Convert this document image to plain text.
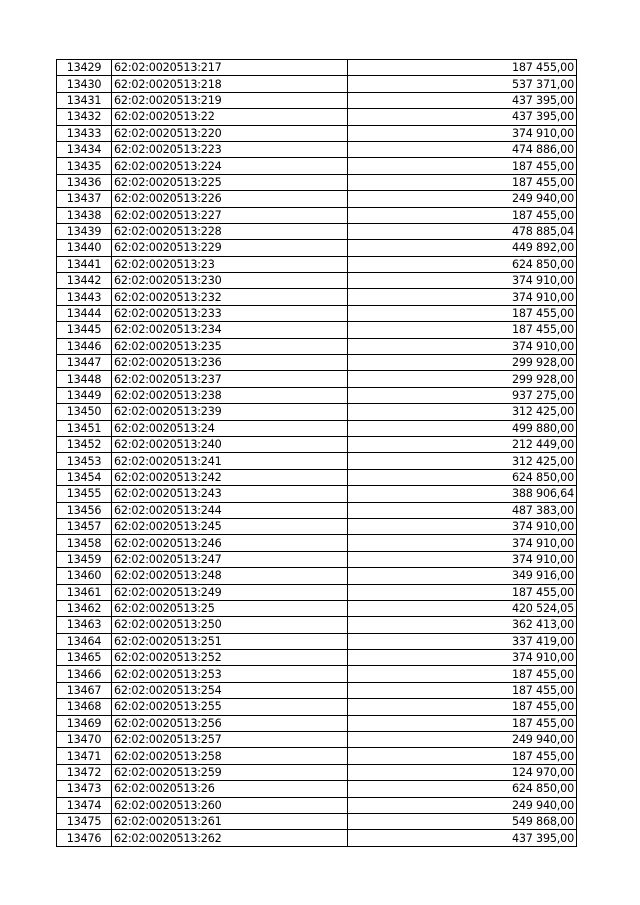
13429	62:02:0020513:217	187 455,00
13430	62:02:0020513:218	537 371,00
13431	62:02:0020513:219	437 395,00
13432	62:02:0020513:22	437 395,00
13433	62:02:0020513:220	374 910,00
13434	62:02:0020513:223	474 886,00
13435	62:02:0020513:224	187 455,00
13436	62:02:0020513:225	187 455,00
13437	62:02:0020513:226	249 940,00
13438	62:02:0020513:227	187 455,00
13439	62:02:0020513:228	478 885,04
13440	62:02:0020513:229	449 892,00
13441	62:02:0020513:23	624 850,00
13442	62:02:0020513:230	374 910,00
13443	62:02:0020513:232	374 910,00
13444	62:02:0020513:233	187 455,00
13445	62:02:0020513:234	187 455,00
13446	62:02:0020513:235	374 910,00
13447	62:02:0020513:236	299 928,00
13448	62:02:0020513:237	299 928,00
13449	62:02:0020513:238	937 275,00
13450	62:02:0020513:239	312 425,00
13451	62:02:0020513:24	499 880,00
13452	62:02:0020513:240	212 449,00
13453	62:02:0020513:241	312 425,00
13454	62:02:0020513:242	624 850,00
13455	62:02:0020513:243	388 906,64
13456	62:02:0020513:244	487 383,00
13457	62:02:0020513:245	374 910,00
13458	62:02:0020513:246	374 910,00
13459	62:02:0020513:247	374 910,00
13460	62:02:0020513:248	349 916,00
13461	62:02:0020513:249	187 455,00
13462	62:02:0020513:25	420 524,05
13463	62:02:0020513:250	362 413,00
13464	62:02:0020513:251	337 419,00
13465	62:02:0020513:252	374 910,00
13466	62:02:0020513:253	187 455,00
13467	62:02:0020513:254	187 455,00
13468	62:02:0020513:255	187 455,00
13469	62:02:0020513:256	187 455,00
13470	62:02:0020513:257	249 940,00
13471	62:02:0020513:258	187 455,00
13472	62:02:0020513:259	124 970,00
13473	62:02:0020513:26	624 850,00
13474	62:02:0020513:260	249 940,00
13475	62:02:0020513:261	549 868,00
13476	62:02:0020513:262	437 395,00
